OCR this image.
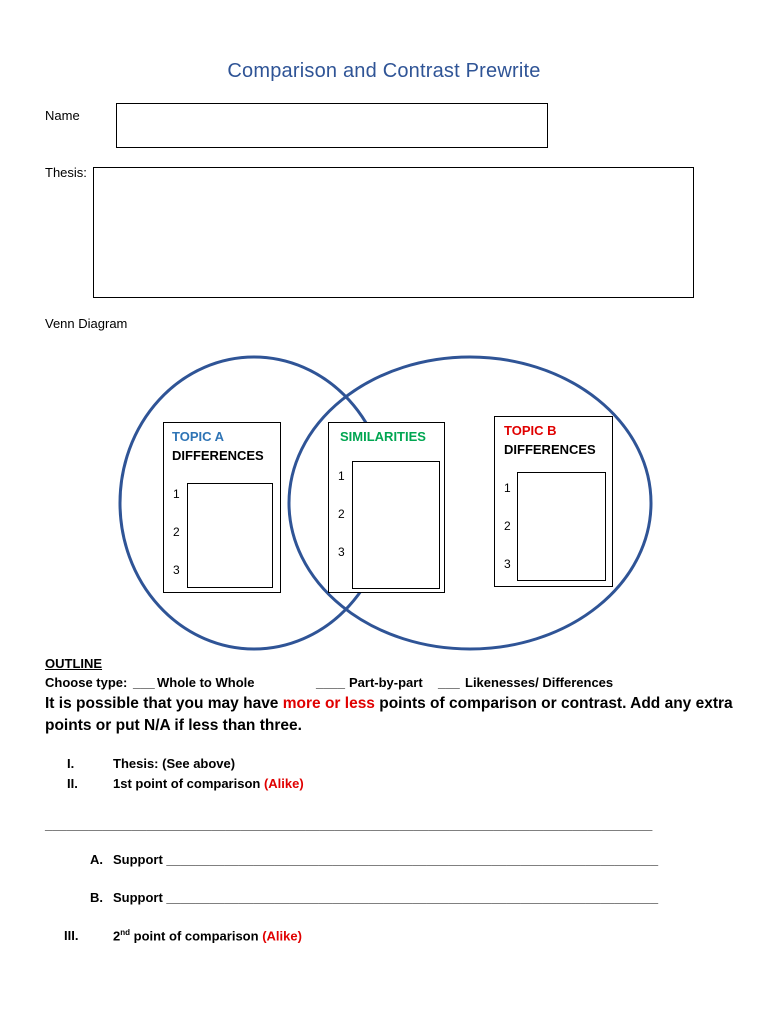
Comparison and Contrast Prewrite
Name
Thesis:
Venn Diagram
TOPIC A
DIFFERENCES
1
2
3
SIMILARITIES
1
2
3
TOPIC B
DIFFERENCES
1
2
3
OUTLINE
Choose type: ___ Whole to Whole	____ Part-by-part ___ Likenesses/ Differences
It is possible that you may have more or less points of comparison or contrast. Add any extra
points or put N/A if less than three.
I.	Thesis: (See above)
II.	1st point of comparison (Alike)
____________________________________________________________________________________
A. Support ____________________________________________________________________
B. Support ____________________________________________________________________
III.	2nd point of comparison (Alike)
